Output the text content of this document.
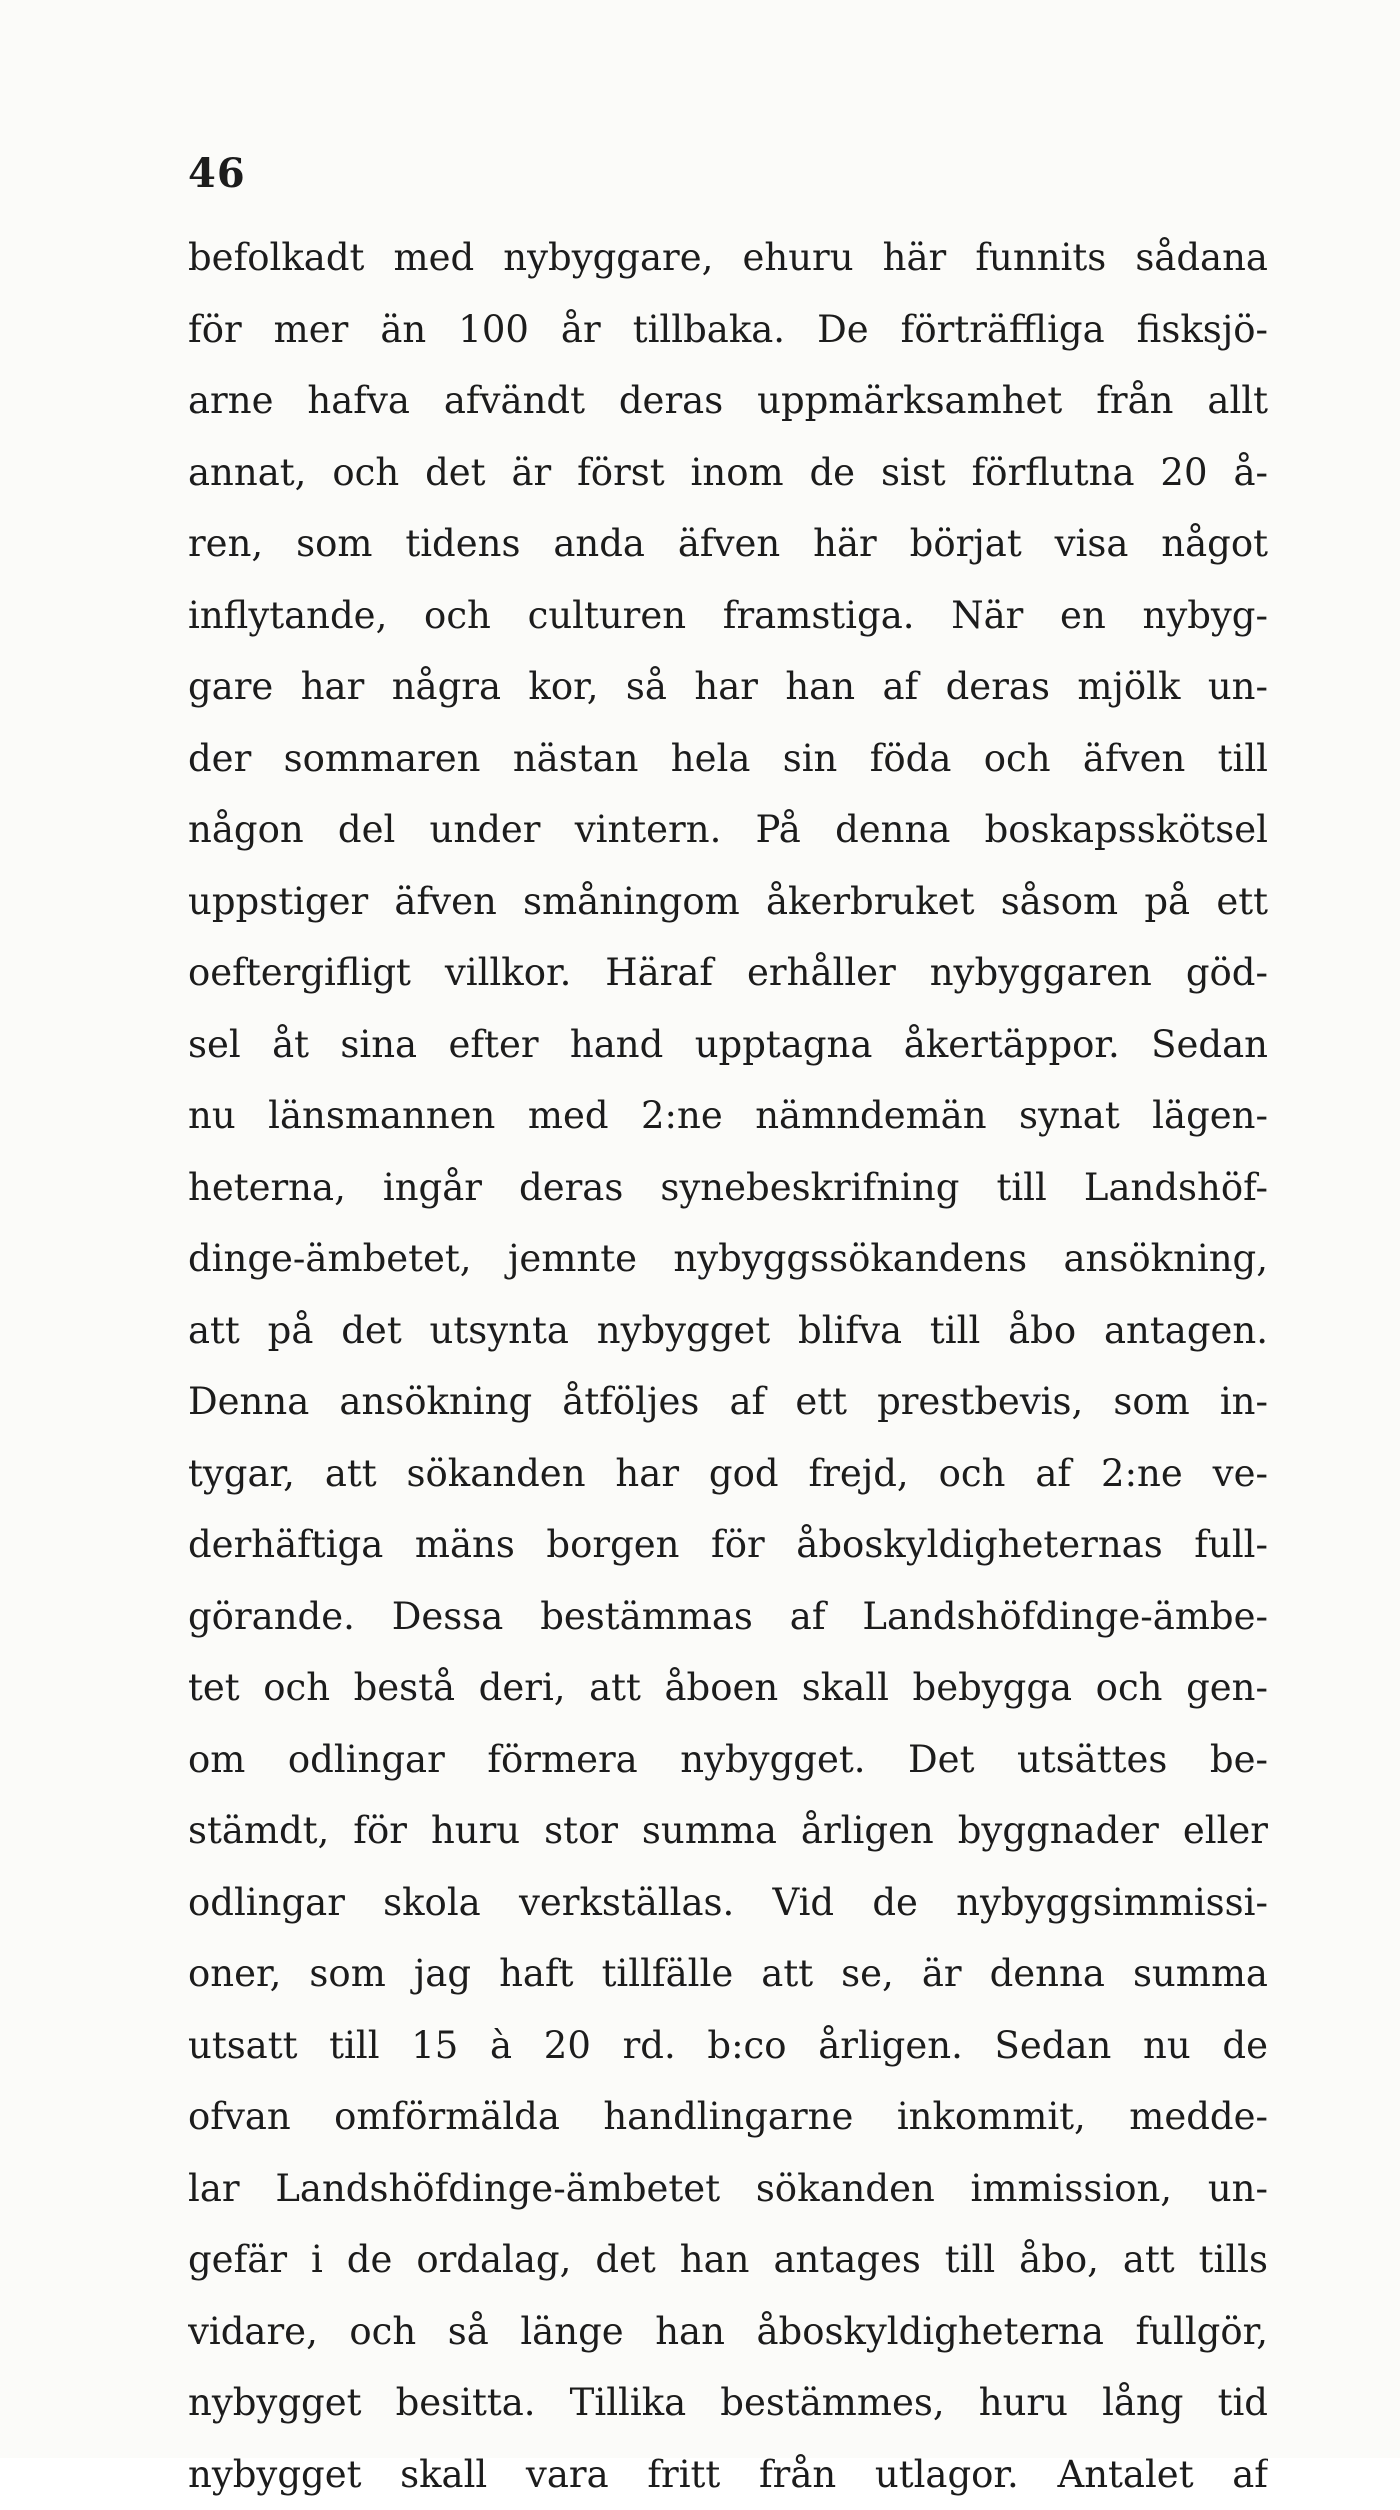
46
befolkadt med nybyggare, ehuru här funnits sådana
för mer än 100 år tillbaka. De förträffliga fisksjö-
arne hafva afvändt deras uppmärksamhet från allt
annat, och det är först inom de sist förflutna 20 å-
ren, som tidens anda äfven här börjat visa något
inflytande, och culturen framstiga. När en nybyg-
gare har några kor, så har han af deras mjölk un-
der sommaren nästan hela sin föda och äfven till
någon del under vintern. På denna boskapsskötsel
uppstiger äfven småningom åkerbruket såsom på ett
oeftergifligt villkor. Häraf erhåller nybyggaren göd-
sel åt sina efter hand upptagna åkertäppor. Sedan
nu länsmannen med 2:ne nämndemän synat lägen-
heterna, ingår deras synebeskrifning till Landshöf-
dinge-ämbetet, jemnte nybyggssökandens ansökning,
att på det utsynta nybygget blifva till åbo antagen.
Denna ansökning åtföljes af ett prestbevis, som in-
tygar, att sökanden har god frejd, och af 2:ne ve-
derhäftiga mäns borgen för åboskyldigheternas full-
görande. Dessa bestämmas af Landshöfdinge-ämbe-
tet och bestå deri, att åboen skall bebygga och gen-
om odlingar förmera nybygget. Det utsättes be-
stämdt, för huru stor summa årligen byggnader eller
odlingar skola verkställas. Vid de nybyggsimmissi-
oner, som jag haft tillfälle att se, är denna summa
utsatt till 15 à 20 rd. b:co årligen. Sedan nu de
ofvan omförmälda handlingarne inkommit, medde-
lar Landshöfdinge-ämbetet sökanden immission, un-
gefär i de ordalag, det han antages till åbo, att tills
vidare, och så länge han åboskyldigheterna fullgör,
nybygget besitta. Tillika bestämmes, huru lång tid
nybygget skall vara fritt från utlagor. Antalet af
